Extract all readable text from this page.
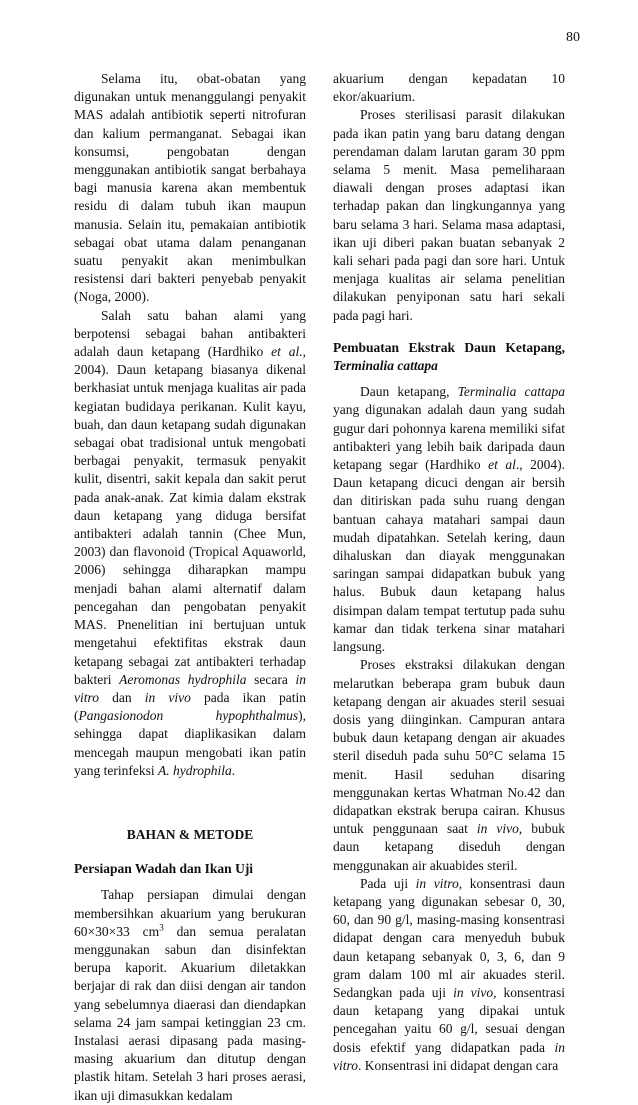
80

Selama itu, obat-obatan yang digunakan untuk menanggulangi penyakit MAS adalah antibiotik seperti nitrofuran dan kalium permanganat. Sebagai ikan konsumsi, pengobatan dengan menggunakan antibiotik sangat berbahaya bagi manusia karena akan membentuk residu di dalam tubuh ikan maupun manusia. Selain itu, pemakaian antibiotik sebagai obat utama dalam penanganan suatu penyakit akan menimbulkan resistensi dari bakteri penyebab penyakit (Noga, 2000).

Salah satu bahan alami yang berpotensi sebagai bahan antibakteri adalah daun ketapang (Hardhiko et al., 2004). Daun ketapang biasanya dikenal berkhasiat untuk menjaga kualitas air pada kegiatan budidaya perikanan. Kulit kayu, buah, dan daun ketapang sudah digunakan sebagai obat tradisional untuk mengobati berbagai penyakit, termasuk penyakit kulit, disentri, sakit kepala dan sakit perut pada anak-anak. Zat kimia dalam ekstrak daun ketapang yang diduga bersifat antibakteri adalah tannin (Chee Mun, 2003) dan flavonoid (Tropical Aquaworld, 2006) sehingga diharapkan mampu menjadi bahan alami alternatif dalam pencegahan dan pengobatan penyakit MAS. Pnenelitian ini bertujuan untuk mengetahui efektifitas ekstrak daun ketapang sebagai zat antibakteri terhadap bakteri Aeromonas hydrophila secara in vitro dan in vivo pada ikan patin (Pangasionodon hypophthalmus), sehingga dapat diaplikasikan dalam mencegah maupun mengobati ikan patin yang terinfeksi A. hydrophila.

BAHAN & METODE
Persiapan Wadah dan Ikan Uji

Tahap persiapan dimulai dengan membersihkan akuarium yang berukuran 60×30×33 $cm^3$ dan semua peralatan menggunakan sabun dan disinfektan berupa kaporit. Akuarium diletakkan berjajar di rak dan diisi dengan air tandon yang sebelumnya diaerasi dan diendapkan selama 24 jam sampai ketinggian 23 cm. Instalasi aerasi dipasang pada masing-masing akuarium dan ditutup dengan plastik hitam. Setelah 3 hari proses aerasi, ikan uji dimasukkan kedalam

akuarium dengan kepadatan 10 ekor/akuarium.

Proses sterilisasi parasit dilakukan pada ikan patin yang baru datang dengan perendaman dalam larutan garam 30 ppm selama 5 menit. Masa pemeliharaan diawali dengan proses adaptasi ikan terhadap pakan dan lingkungannya yang baru selama 3 hari. Selama masa adaptasi, ikan uji diberi pakan buatan sebanyak 2 kali sehari pada pagi dan sore hari. Untuk menjaga kualitas air selama penelitian dilakukan penyiponan satu hari sekali pada pagi hari.

Pembuatan Ekstrak Daun Ketapang, Terminalia cattapa

Daun ketapang, Terminalia cattapa yang digunakan adalah daun yang sudah gugur dari pohonnya karena memiliki sifat antibakteri yang lebih baik daripada daun ketapang segar (Hardhiko et al., 2004). Daun ketapang dicuci dengan air bersih dan ditiriskan pada suhu ruang dengan bantuan cahaya matahari sampai daun mudah dipatahkan. Setelah kering, daun dihaluskan dan diayak menggunakan saringan sampai didapatkan bubuk yang halus. Bubuk daun ketapang halus disimpan dalam tempat tertutup pada suhu kamar dan tidak terkena sinar matahari langsung.

Proses ekstraksi dilakukan dengan melarutkan beberapa gram bubuk daun ketapang dengan air akuades steril sesuai dosis yang diinginkan. Campuran antara bubuk daun ketapang dengan air akuades steril diseduh pada suhu 50°C selama 15 menit. Hasil seduhan disaring menggunakan kertas Whatman No.42 dan didapatkan ekstrak berupa cairan. Khusus untuk penggunaan saat in vivo, bubuk daun ketapang diseduh dengan menggunakan air akuabides steril.

Pada uji in vitro, konsentrasi daun ketapang yang digunakan sebesar 0, 30, 60, dan 90 g/l, masing-masing konsentrasi didapat dengan cara menyeduh bubuk daun ketapang sebanyak 0, 3, 6, dan 9 gram dalam 100 ml air akuades steril. Sedangkan pada uji in vivo, konsentrasi daun ketapang yang dipakai untuk pencegahan yaitu 60 g/l, sesuai dengan dosis efektif yang didapatkan pada in vitro. Konsentrasi ini didapat dengan cara
